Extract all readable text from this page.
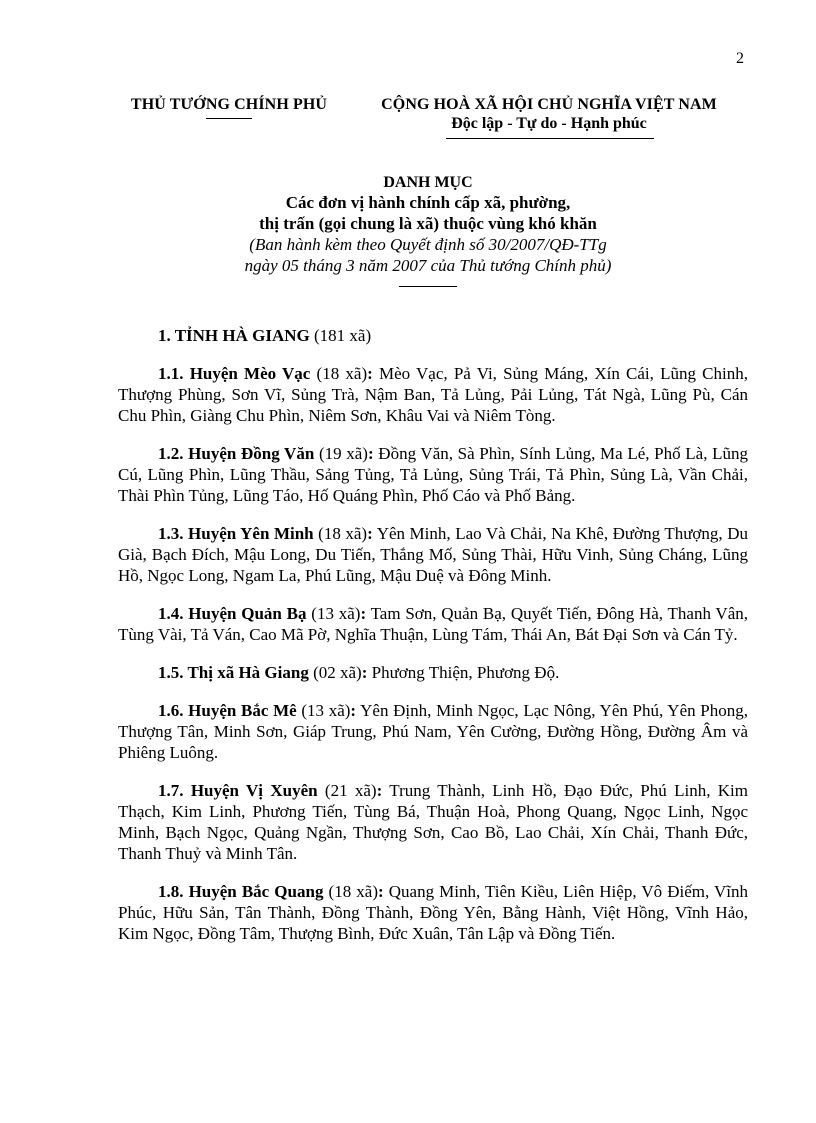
2
THỦ TƯỚNG CHÍNH PHỦ	CỘNG HOÀ XÃ HỘI CHỦ NGHĨA VIỆT NAM
Độc lập - Tự do - Hạnh phúc
DANH MỤC
Các đơn vị hành chính cấp xã, phường,
thị trấn (gọi chung là xã) thuộc vùng khó khăn
(Ban hành kèm theo Quyết định số 30/2007/QĐ-TTg
ngày 05 tháng 3 năm 2007 của Thủ tướng Chính phủ)
1. TỈNH HÀ GIANG (181 xã)

1.1. Huyện Mèo Vạc (18 xã): Mèo Vạc, Pả Vi, Sủng Máng, Xín Cái, Lũng Chinh, Thượng Phùng, Sơn Vĩ, Sủng Trà, Nậm Ban, Tả Lủng, Pải Lủng, Tát Ngà, Lũng Pù, Cán Chu Phìn, Giàng Chu Phìn, Niêm Sơn, Khâu Vai và Niêm Tòng.

1.2. Huyện Đồng Văn (19 xã): Đồng Văn, Sà Phìn, Sính Lủng, Ma Lé, Phố Là, Lũng Cú, Lũng Phìn, Lũng Thầu, Sảng Tủng, Tả Lủng, Sủng Trái, Tả Phìn, Sủng Là, Vần Chải, Thài Phìn Tủng, Lũng Táo, Hố Quáng Phìn, Phố Cáo và Phố Bảng.

1.3. Huyện Yên Minh (18 xã): Yên Minh, Lao Và Chải, Na Khê, Đường Thượng, Du Già, Bạch Đích, Mậu Long, Du Tiến, Thắng Mố, Sủng Thài, Hữu Vinh, Sủng Cháng, Lũng Hồ, Ngọc Long, Ngam La, Phú Lũng, Mậu Duệ và Đông Minh.

1.4. Huyện Quản Bạ (13 xã): Tam Sơn, Quản Bạ, Quyết Tiến, Đông Hà, Thanh Vân, Tùng Vài, Tả Ván, Cao Mã Pờ, Nghĩa Thuận, Lùng Tám, Thái An, Bát Đại Sơn và Cán Tỷ.

1.5. Thị xã Hà Giang (02 xã): Phương Thiện, Phương Độ.

1.6. Huyện Bắc Mê (13 xã): Yên Định, Minh Ngọc, Lạc Nông, Yên Phú, Yên Phong, Thượng Tân, Minh Sơn, Giáp Trung, Phú Nam, Yên Cường, Đường Hồng, Đường Âm và Phiêng Luông.

1.7. Huyện Vị Xuyên (21 xã): Trung Thành, Linh Hồ, Đạo Đức, Phú Linh, Kim Thạch, Kim Linh, Phương Tiến, Tùng Bá, Thuận Hoà, Phong Quang, Ngọc Linh, Ngọc Minh, Bạch Ngọc, Quảng Ngần, Thượng Sơn, Cao Bồ, Lao Chải, Xín Chải, Thanh Đức, Thanh Thuỷ và Minh Tân.

1.8. Huyện Bắc Quang (18 xã): Quang Minh, Tiên Kiều, Liên Hiệp, Vô Điếm, Vĩnh Phúc, Hữu Sản, Tân Thành, Đồng Thành, Đồng Yên, Bằng Hành, Việt Hồng, Vĩnh Hảo, Kim Ngọc, Đồng Tâm, Thượng Bình, Đức Xuân, Tân Lập và Đồng Tiến.
